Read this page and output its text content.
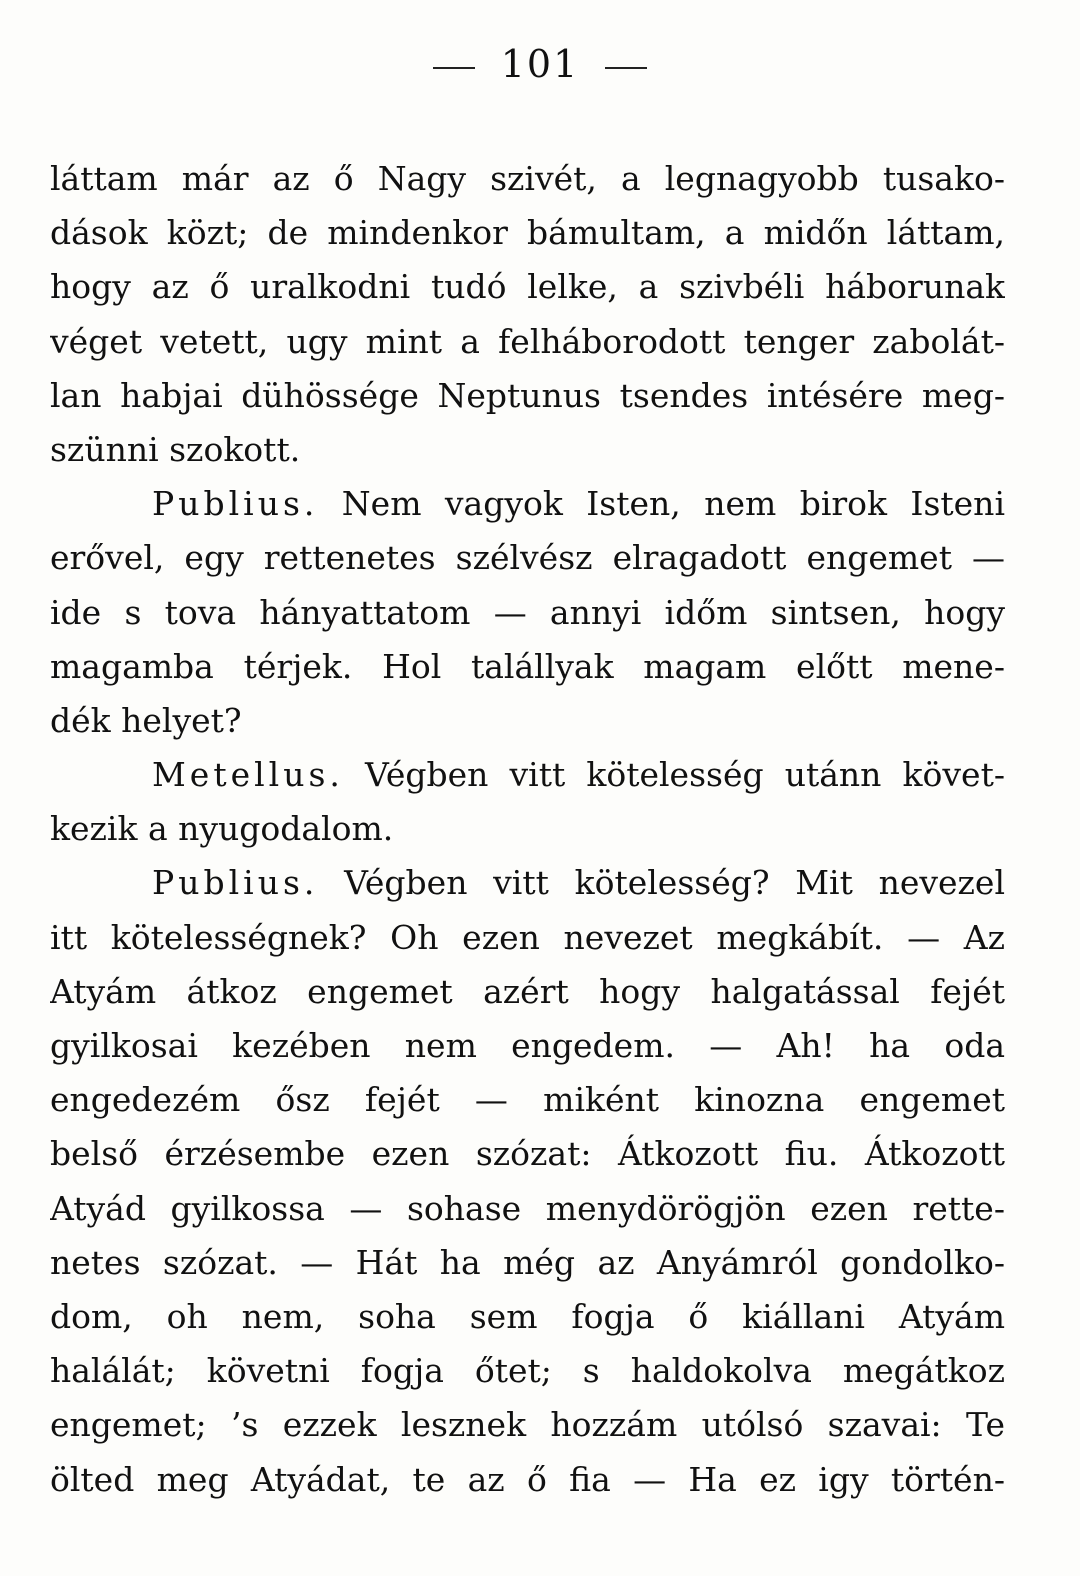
101
láttam már az ő Nagy szivét, a legnagyobb tusako-
dások közt; de mindenkor bámultam, a midőn láttam,
hogy az ő uralkodni tudó lelke, a szivbéli háborunak
véget vetett, ugy mint a felháborodott tenger zabolát-
lan habjai dühössége Neptunus tsendes intésére meg-
szünni szokott.
Publius. Nem vagyok Isten, nem birok Isteni
erővel, egy rettenetes szélvész elragadott engemet —
ide s tova hányattatom — annyi időm sintsen, hogy
magamba térjek. Hol talállyak magam előtt mene-
dék helyet?
Metellus. Végben vitt kötelesség utánn követ-
kezik a nyugodalom.
Publius. Végben vitt kötelesség? Mit nevezel
itt kötelességnek? Oh ezen nevezet megkábít. — Az
Atyám átkoz engemet azért hogy halgatással fejét
gyilkosai kezében nem engedem. — Ah! ha oda
engedezém ősz fejét — miként kinozna engemet
belső érzésembe ezen szózat: Átkozott fiu. Átkozott
Atyád gyilkossa — sohase menydörögjön ezen rette-
netes szózat. — Hát ha még az Anyámról gondolko-
dom, oh nem, soha sem fogja ő kiállani Atyám
halálát; követni fogja őtet; s haldokolva megátkoz
engemet; ’s ezzek lesznek hozzám utólsó szavai: Te
ölted meg Atyádat, te az ő fia — Ha ez igy történ-
